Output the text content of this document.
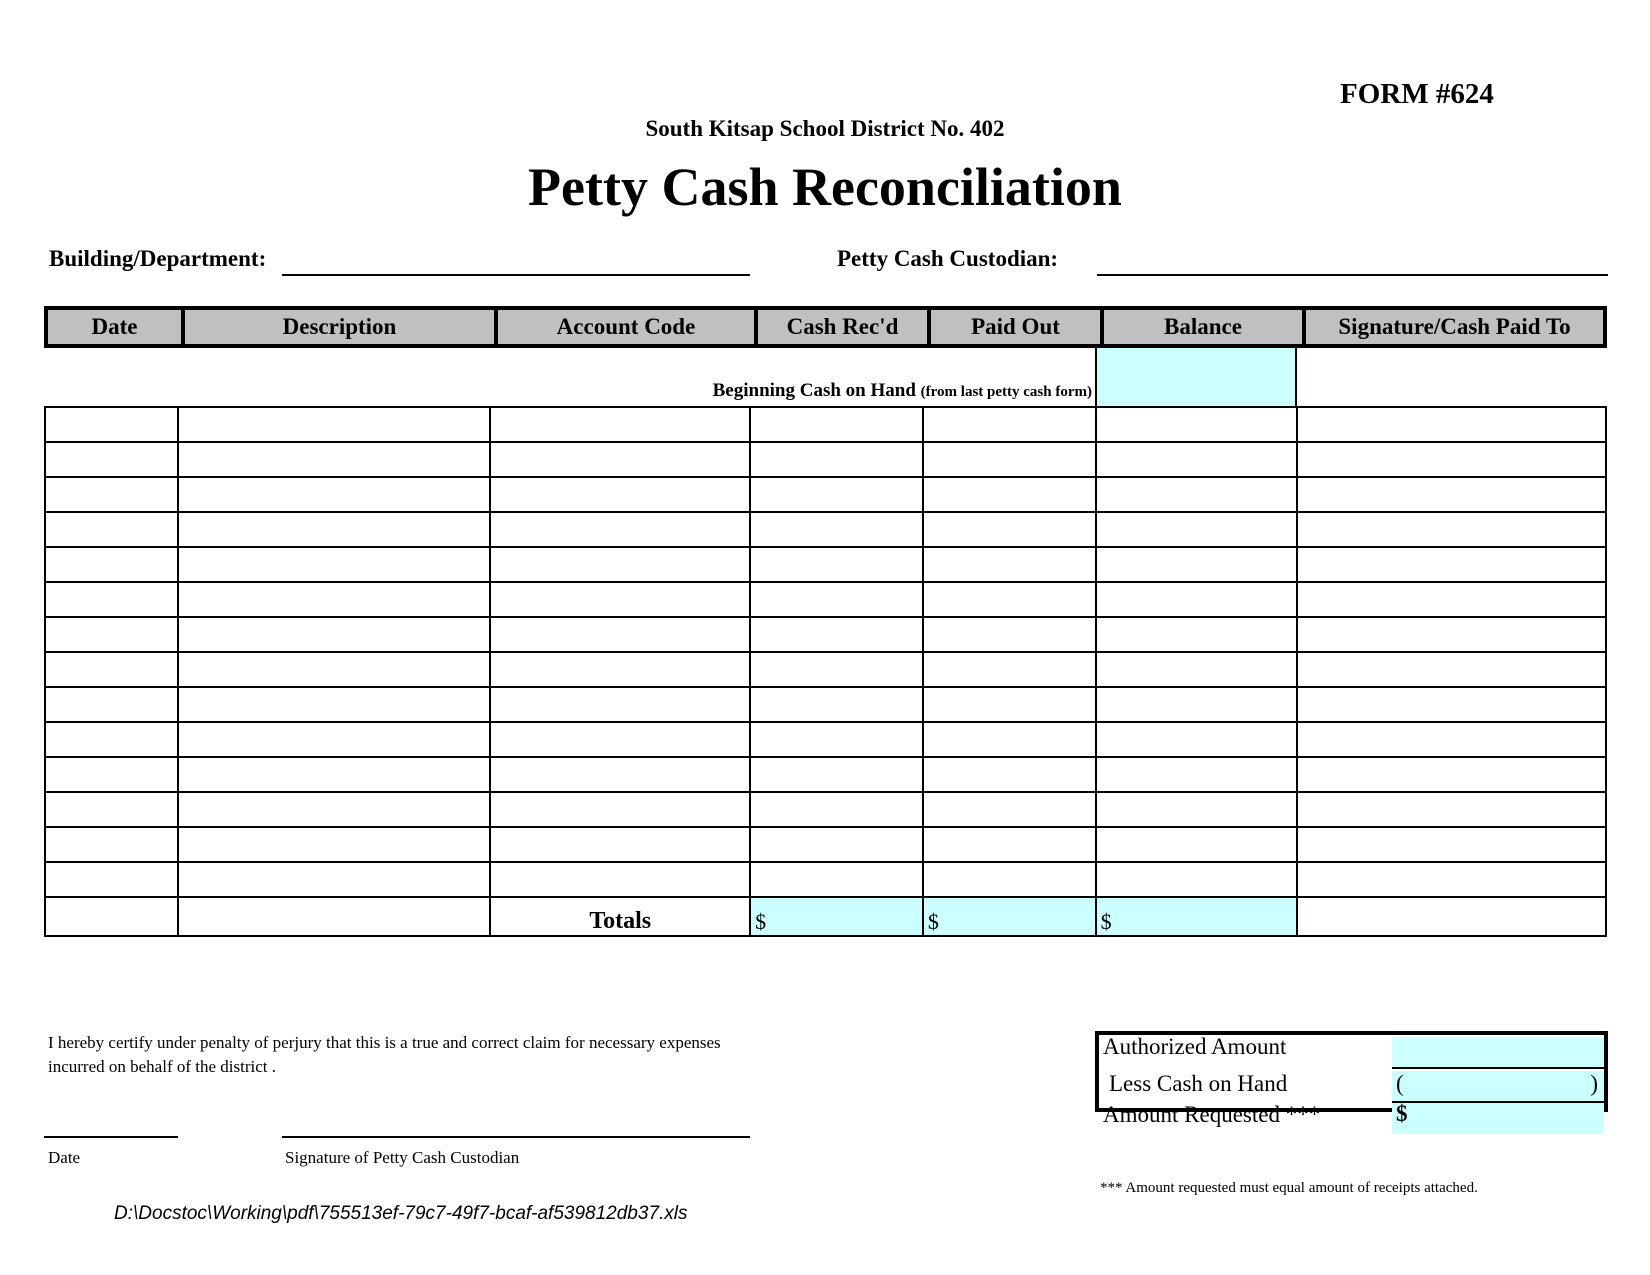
FORM #624
South Kitsap School District No. 402
Petty Cash Reconciliation
Building/Department:	Petty Cash Custodian:
Date	Description	Account Code	Cash Rec'd	Paid Out	Balance	Signature/Cash Paid To
Beginning Cash on Hand (from last petty cash form)

		Totals	$	$	$	
I hereby certify under penalty of perjury that this is a true and correct claim for necessary expenses incurred on behalf of the district .
Date	Signature of Petty Cash Custodian
Authorized Amount
Less Cash on Hand	(	)
Amount Requested ***	$
*** Amount requested must equal amount of receipts attached.
D:\Docstoc\Working\pdf\755513ef-79c7-49f7-bcaf-af539812db37.xls
